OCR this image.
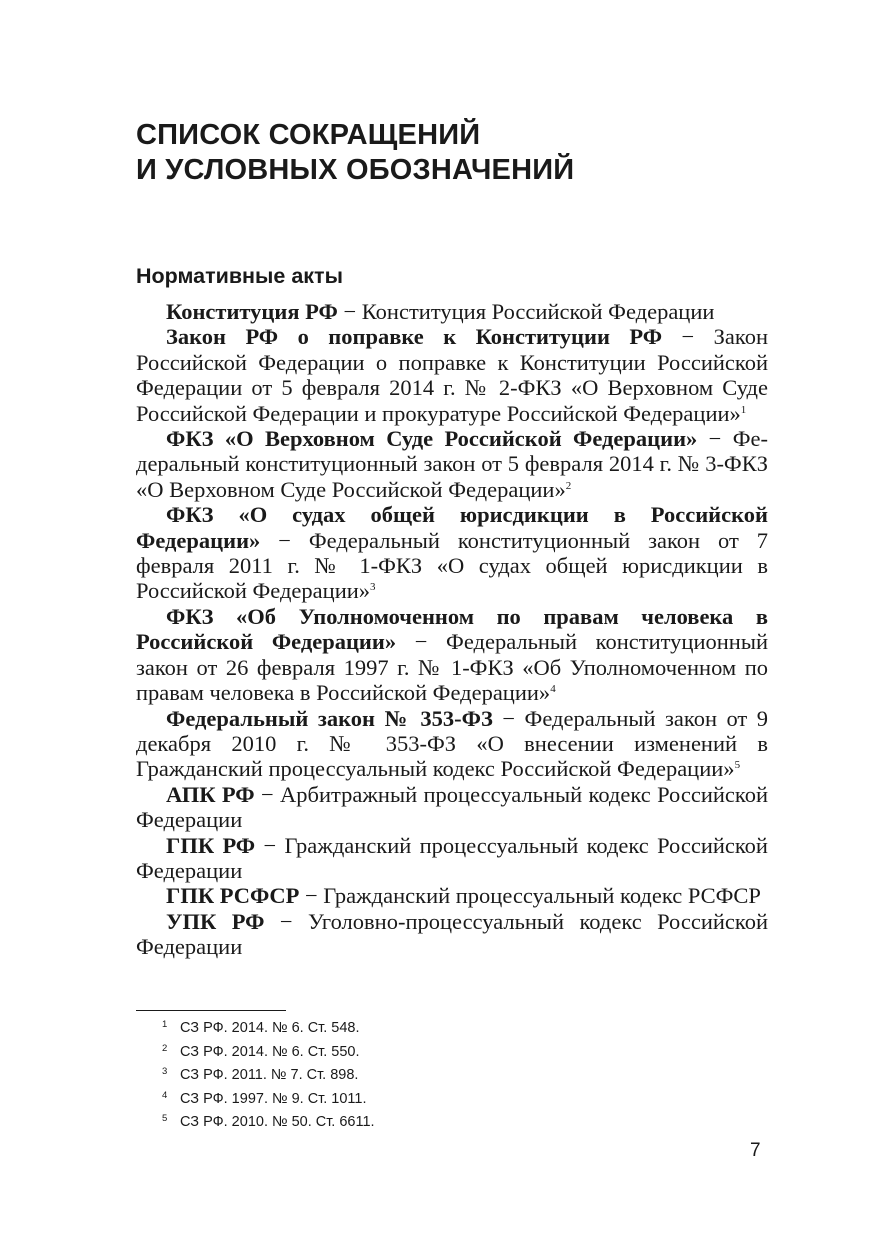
СПИСОК СОКРАЩЕНИЙ
И УСЛОВНЫХ ОБОЗНАЧЕНИЙ
Нормативные акты

Конституция РФ − Конституция Российской Федерации

Закон РФ о поправке к Конституции РФ − Закон Российской Федерации о поправке к Конституции Российской Федерации от 5 февраля 2014 г. № 2-ФКЗ «О Верховном Суде Российской Федерации и прокуратуре Российской Федерации»$^1$

ФКЗ «О Верховном Суде Российской Федерации» − Федеральный конституционный закон от 5 февраля 2014 г. № 3-ФКЗ «О Верховном Суде Российской Федерации»$^2$

ФКЗ «О судах общей юрисдикции в Российской Федерации» − Федеральный конституционный закон от 7 февраля 2011 г. № 1-ФКЗ «О судах общей юрисдикции в Российской Федерации»$^3$

ФКЗ «Об Уполномоченном по правам человека в Российской Федерации» − Федеральный конституционный закон от 26 февраля 1997 г. № 1-ФКЗ «Об Уполномоченном по правам человека в Российской Федерации»$^4$

Федеральный закон № 353-ФЗ − Федеральный закон от 9 декабря 2010 г. № 353-ФЗ «О внесении изменений в Гражданский процессуальный кодекс Российской Федерации»$^5$

АПК РФ − Арбитражный процессуальный кодекс Российской Федерации

ГПК РФ − Гражданский процессуальный кодекс Российской Федерации

ГПК РСФСР − Гражданский процессуальный кодекс РСФСР

УПК РФ − Уголовно-процессуальный кодекс Российской Федерации

1 СЗ РФ. 2014. № 6. Ст. 548.

2 СЗ РФ. 2014. № 6. Ст. 550.

3 СЗ РФ. 2011. № 7. Ст. 898.

4 СЗ РФ. 1997. № 9. Ст. 1011.

5 СЗ РФ. 2010. № 50. Ст. 6611.

7
